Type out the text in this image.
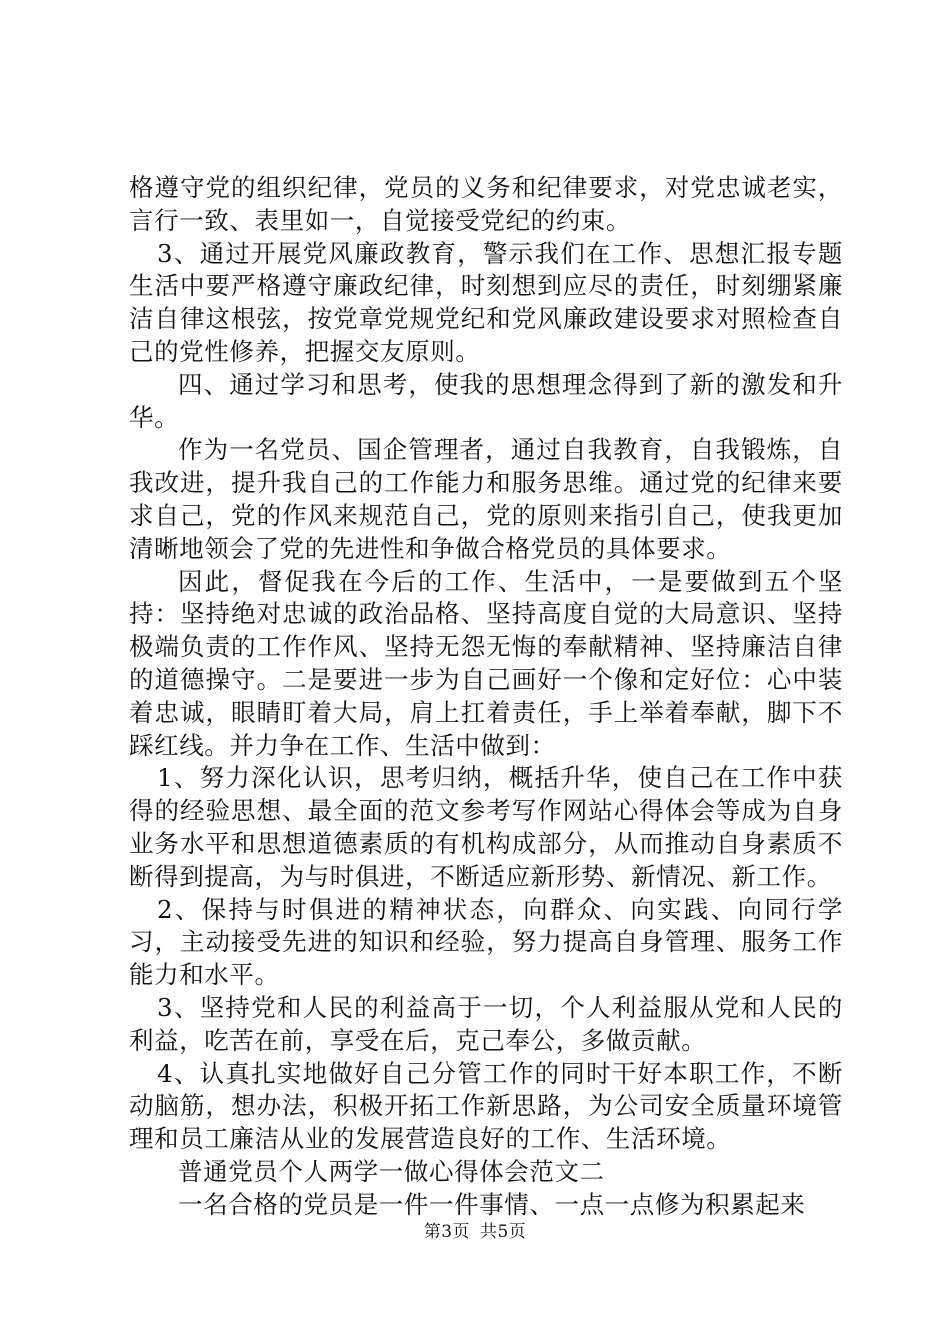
格遵守党的组织纪律，党员的义务和纪律要求，对党忠诚老实，言行一致、表里如一，自觉接受党纪的约束。

3、通过开展党风廉政教育，警示我们在工作、思想汇报专题生活中要严格遵守廉政纪律，时刻想到应尽的责任，时刻绷紧廉洁自律这根弦，按党章党规党纪和党风廉政建设要求对照检查自己的党性修养，把握交友原则。

四、通过学习和思考，使我的思想理念得到了新的激发和升华。

作为一名党员、国企管理者，通过自我教育，自我锻炼，自我改进，提升我自己的工作能力和服务思维。通过党的纪律来要求自己，党的作风来规范自己，党的原则来指引自己，使我更加清晰地领会了党的先进性和争做合格党员的具体要求。

因此，督促我在今后的工作、生活中，一是要做到五个坚持：坚持绝对忠诚的政治品格、坚持高度自觉的大局意识、坚持极端负责的工作作风、坚持无怨无悔的奉献精神、坚持廉洁自律的道德操守。二是要进一步为自己画好一个像和定好位：心中装着忠诚，眼睛盯着大局，肩上扛着责任，手上举着奉献，脚下不踩红线。并力争在工作、生活中做到：

1、努力深化认识，思考归纳，概括升华，使自己在工作中获得的经验思想、最全面的范文参考写作网站心得体会等成为自身业务水平和思想道德素质的有机构成部分，从而推动自身素质不断得到提高，为与时俱进，不断适应新形势、新情况、新工作。

2、保持与时俱进的精神状态，向群众、向实践、向同行学习，主动接受先进的知识和经验，努力提高自身管理、服务工作能力和水平。

3、坚持党和人民的利益高于一切，个人利益服从党和人民的利益，吃苦在前，享受在后，克己奉公，多做贡献。

4、认真扎实地做好自己分管工作的同时干好本职工作，不断动脑筋，想办法，积极开拓工作新思路，为公司安全质量环境管理和员工廉洁从业的发展营造良好的工作、生活环境。

普通党员个人两学一做心得体会范文二

一名合格的党员是一件一件事情、一点一点修为积累起来

第3页 共5页
